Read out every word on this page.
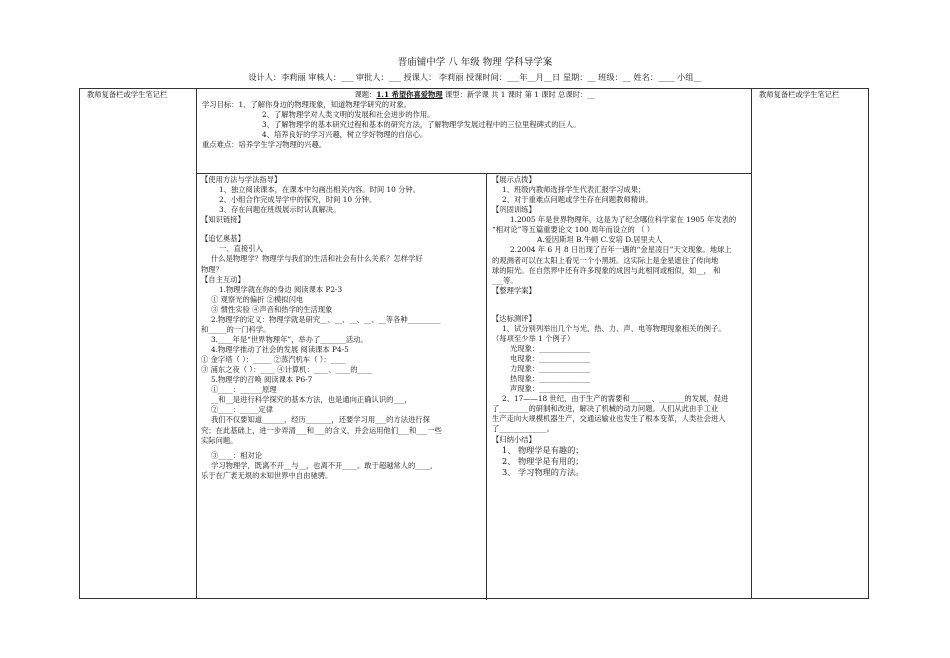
晋庙铺中学 八 年级 物理 学科导学案
设计人：李莉丽 审核人：___ 审批人：___ 授课人： 李莉丽 授课时间：___年__月__日 星期：__ 班级：__ 姓名：____ 小组__
教师复备栏或学生笔记栏	课题：1.1 希望你喜爱物理 课型：新学课 共 1 课时 第 1 课时 总课时：__
学习目标：1、了解你身边的物理现象，知道物理学研究的对象。
2、了解物理学对人类文明的发展和社会进步的作用。
3、了解物理学的基本研究过程和基本的研究方法，了解物理学发展过程中的三位里程碑式的巨人。
4、培养良好的学习兴趣，树立学好物理的自信心。
重点难点：培养学生学习物理的兴趣。
【使用方法与学法指导】
1、独立阅读课本，在课本中勾画出相关内容。时间 10 分钟。
2、小组合作完成导学中的探究，时间 10 分钟。
3、存在问题在班级展示时认真解决。
【知识链接】
【追忆奥基】
一、直接引入
什么是物理学？物理学与我们的生活和社会有什么关系？怎样学好
物理？
【自主互动】
1.物理学就在你的身边 阅读课本 P2-3
① 观察光的偏折 ②模拟闪电
③ 惯性实验 ④声音和热学的生活现象
2.物理学的定义：物理学就是研究__、__、__、__、__等各种_________
和_____的一门科学。
3.____年是“世界物理年”，举办了_______活动。
4.物理学推动了社会的发展 阅读课本 P4-5
① 金字塔（ ）：_____ ②蒸汽机车（ ）：____
③ 浦东之夜（ ）：____ ④计算机：____、____的____
5.物理学的召唤 阅读课本 P6-7
①____：______原理
__和__是进行科学探究的基本方法，也是通向正确认识的___，
②____：_____定律
我们不仅要知道______，经历_______，还要学习用___的方法进行探
究；在此基础上，进一步弄清___和___的含义，并会运用他们___和___一些
实际问题。
③____：相对论
学习物理学，既离不开__与__，也离不开____。敢于超越常人的____，
乐于在广袤无垠的未知世界中自由驰骋。
【展示点拨】
1、班级内教师选择学生代表汇报学习成果；
2、对于重难点问题或学生存在问题教师精讲。
【巩固训练】
1.2005 年是世界物理年，这是为了纪念哪位科学家在 1905 年发表的
“相对论”等五篇重要论文 100 周年而设立的 （ ）
A.爱因斯坦 B.牛顿 C.安培 D.居里夫人
2.2004 年 6 月 8 日出现了百年一遇的“金星凌日”天文现象。地球上
的观测者可以在太阳上看见一个小黑斑。这实际上是金星遮住了传向地
球的阳光。在自然界中还有许多现象的成因与此相同或相似，如__， 和
___等。
【整理学案】
【达标测评】
1、试分别列举出几个与光、热、力、声、电等物理现象相关的例子。
（每项至少举 1 个例子）
光现象：______________
电现象：______________
力现象：______________
热现象：______________
声现象：______________
2、17——18 世纪，由于生产的需要和______、_______的发展，促进
了________的研制和改进，解决了机械的动力问题。人们从此由手工业
生产走向大规模机器生产，交通运输业也发生了根本变革，人类社会进入
了_____________。
【归纳小结】
1、 物理学是有趣的；
2、 物理学是有用的；
3、 学习物理的方法。
教师复备栏或学生笔记栏
